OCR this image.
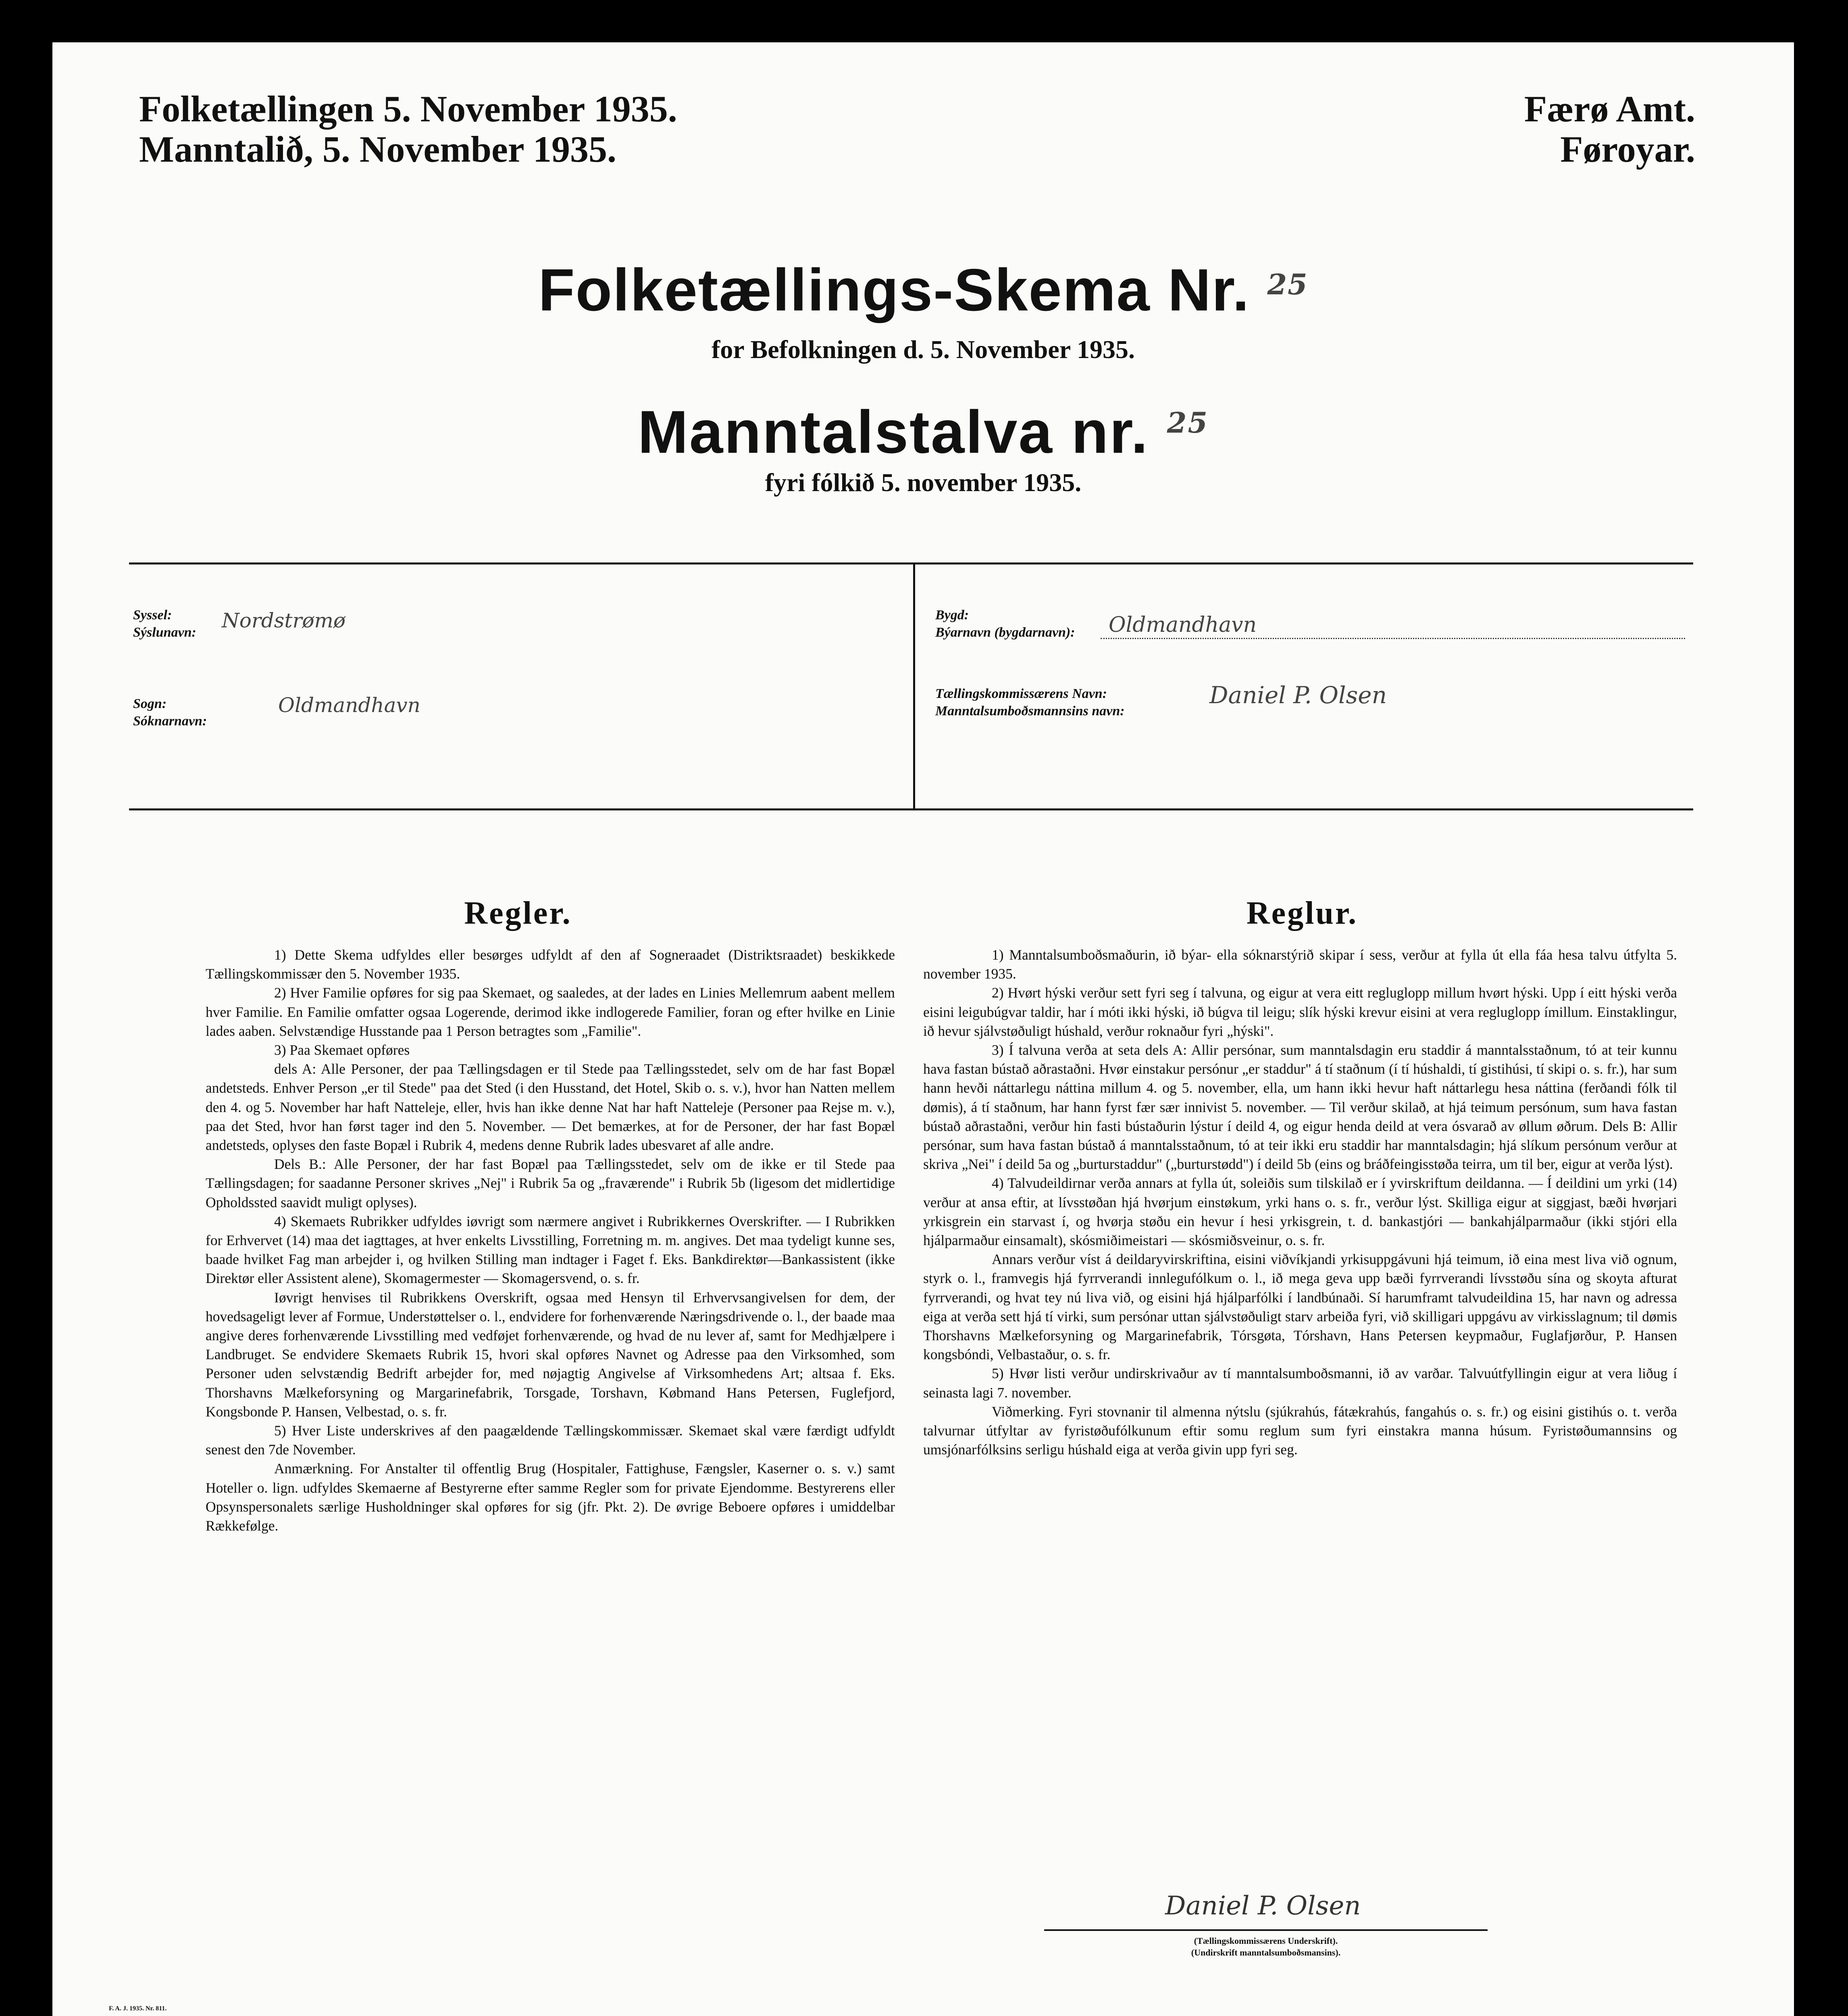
Folketællingen 5. November 1935.
Manntalið, 5. November 1935.
Færø Amt.
Føroyar.
Folketællings-Skema Nr. $^{25}$
for Befolkningen d. 5. November 1935.
Manntalstalva nr. $^{25}$
fyri fólkið 5. november 1935.
Syssel:
Sýslunavn: Nordstrømø
Sogn:
Sóknarnavn:
Oldmandhavn
Bygd:
Býarnavn (bygdarnavn):	Oldmandhavn
Tællingskommissærens Navn:
Manntalsumboðsmannsins navn:
Daniel P. Olsen
Regler.

1) Dette Skema udfyldes eller besørges udfyldt af den af Sogneraadet (Distriktsraadet) beskikkede Tællingskommissær den 5. November 1935.

2) Hver Familie opføres for sig paa Skemaet, og saaledes, at der lades en Linies Mellemrum aabent mellem hver Familie. En Familie omfatter ogsaa Logerende, derimod ikke indlogerede Familier, foran og efter hvilke en Linie lades aaben. Selvstændige Husstande paa 1 Person betragtes som „Familie".

3) Paa Skemaet opføres

dels A: Alle Personer, der paa Tællingsdagen er til Stede paa Tællingsstedet, selv om de har fast Bopæl andetsteds. Enhver Person „er til Stede" paa det Sted (i den Husstand, det Hotel, Skib o. s. v.), hvor han Natten mellem den 4. og 5. November har haft Natteleje, eller, hvis han ikke denne Nat har haft Natteleje (Personer paa Rejse m. v.), paa det Sted, hvor han først tager ind den 5. November. — Det bemærkes, at for de Personer, der har fast Bopæl andetsteds, oplyses den faste Bopæl i Rubrik 4, medens denne Rubrik lades ubesvaret af alle andre.

Dels B.: Alle Personer, der har fast Bopæl paa Tællingsstedet, selv om de ikke er til Stede paa Tællingsdagen; for saadanne Personer skrives „Nej" i Rubrik 5a og „fraværende" i Rubrik 5b (ligesom det midlertidige Opholdssted saavidt muligt oplyses).

4) Skemaets Rubrikker udfyldes iøvrigt som nærmere angivet i Rubrikkernes Overskrifter. — I Rubrikken for Erhvervet (14) maa det iagttages, at hver enkelts Livsstilling, Forretning m. m. angives. Det maa tydeligt kunne ses, baade hvilket Fag man arbejder i, og hvilken Stilling man indtager i Faget f. Eks. Bankdirektør—Bankassistent (ikke Direktør eller Assistent alene), Skomagermester — Skomagersvend, o. s. fr.

Iøvrigt henvises til Rubrikkens Overskrift, ogsaa med Hensyn til Erhvervsangivelsen for dem, der hovedsageligt lever af Formue, Understøttelser o. l., endvidere for forhenværende Næringsdrivende o. l., der baade maa angive deres forhenværende Livsstilling med vedføjet forhenværende, og hvad de nu lever af, samt for Medhjælpere i Landbruget. Se endvidere Skemaets Rubrik 15, hvori skal opføres Navnet og Adresse paa den Virksomhed, som Personer uden selvstændig Bedrift arbejder for, med nøjagtig Angivelse af Virksomhedens Art; altsaa f. Eks. Thorshavns Mælkeforsyning og Margarinefabrik, Torsgade, Torshavn, Købmand Hans Petersen, Fuglefjord, Kongsbonde P. Hansen, Velbestad, o. s. fr.

5) Hver Liste underskrives af den paagældende Tællingskommissær. Skemaet skal være færdigt udfyldt senest den 7de November.

Anmærkning. For Anstalter til offentlig Brug (Hospitaler, Fattighuse, Fængsler, Kaserner o. s. v.) samt Hoteller o. lign. udfyldes Skemaerne af Bestyrerne efter samme Regler som for private Ejendomme. Bestyrerens eller Opsynspersonalets særlige Husholdninger skal opføres for sig (jfr. Pkt. 2). De øvrige Beboere opføres i umiddelbar Rækkefølge.

Reglur.

1) Manntalsumboðsmaðurin, ið býar- ella sóknarstýrið skipar í sess, verður at fylla út ella fáa hesa talvu útfylta 5. november 1935.

2) Hvørt hýski verður sett fyri seg í talvuna, og eigur at vera eitt regluglopp millum hvørt hýski. Upp í eitt hýski verða eisini leigubúgvar taldir, har í móti ikki hýski, ið búgva til leigu; slík hýski krevur eisini at vera regluglopp ímillum. Einstaklingur, ið hevur sjálvstøðuligt húshald, verður roknaður fyri „hýski".

3) Í talvuna verða at seta dels A: Allir persónar, sum manntalsdagin eru staddir á manntalsstaðnum, tó at teir kunnu hava fastan bústað aðrastaðni. Hvør einstakur persónur „er staddur" á tí staðnum (í tí húshaldi, tí gistihúsi, tí skipi o. s. fr.), har sum hann hevði náttarlegu náttina millum 4. og 5. november, ella, um hann ikki hevur haft náttarlegu hesa náttina (ferðandi fólk til dømis), á tí staðnum, har hann fyrst fær sær innivist 5. november. — Til verður skilað, at hjá teimum persónum, sum hava fastan bústað aðrastaðni, verður hin fasti bústaðurin lýstur í deild 4, og eigur henda deild at vera ósvarað av øllum øðrum. Dels B: Allir persónar, sum hava fastan bústað á manntalsstaðnum, tó at teir ikki eru staddir har manntalsdagin; hjá slíkum persónum verður at skriva „Nei" í deild 5a og „burturstaddur" („burturstødd") í deild 5b (eins og bráðfeingisstøða teirra, um til ber, eigur at verða lýst).

4) Talvudeildirnar verða annars at fylla út, soleiðis sum tilskilað er í yvirskriftum deildanna. — Í deildini um yrki (14) verður at ansa eftir, at lívsstøðan hjá hvørjum einstøkum, yrki hans o. s. fr., verður lýst. Skilliga eigur at siggjast, bæði hvørjari yrkisgrein ein starvast í, og hvørja støðu ein hevur í hesi yrkisgrein, t. d. bankastjóri — bankahjálparmaður (ikki stjóri ella hjálparmaður einsamalt), skósmiðimeistari — skósmiðsveinur, o. s. fr.

Annars verður víst á deildaryvirskriftina, eisini viðvíkjandi yrkisuppgávuni hjá teimum, ið eina mest liva við ognum, styrk o. l., framvegis hjá fyrrverandi innlegufólkum o. l., ið mega geva upp bæði fyrrverandi lívsstøðu sína og skoyta afturat fyrrverandi, og hvat tey nú liva við, og eisini hjá hjálparfólki í landbúnaði. Sí harumframt talvudeildina 15, har navn og adressa eiga at verða sett hjá tí virki, sum persónar uttan sjálvstøðuligt starv arbeiða fyri, við skilligari uppgávu av virkisslagnum; til dømis Thorshavns Mælkeforsyning og Margarinefabrik, Tórsgøta, Tórshavn, Hans Petersen keypmaður, Fuglafjørður, P. Hansen kongsbóndi, Velbastaður, o. s. fr.

5) Hvør listi verður undirskrivaður av tí manntalsumboðsmanni, ið av varðar. Talvuútfyllingin eigur at vera liðug í seinasta lagi 7. november.

Viðmerking. Fyri stovnanir til almenna nýtslu (sjúkrahús, fátækrahús, fangahús o. s. fr.) og eisini gistihús o. t. verða talvurnar útfyltar av fyristøðufólkunum eftir somu reglum sum fyri einstakra manna húsum. Fyristøðumannsins og umsjónarfólksins serligu húshald eiga at verða givin upp fyri seg.

Daniel P. Olsen
(Tællingskommissærens Underskrift).
(Undirskrift manntalsumboðsmansins).
F. A. J. 1935. Nr. 811.
